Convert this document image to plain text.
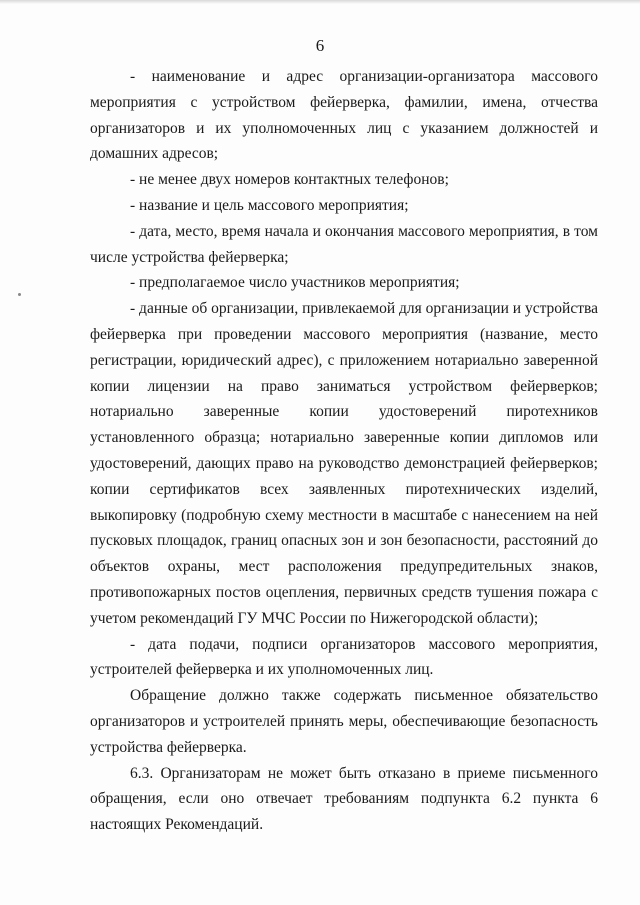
6

- наименование и адрес организации-организатора массового мероприятия с устройством фейерверка, фамилии, имена, отчества организаторов и их уполномоченных лиц с указанием должностей и домашних адресов;

- не менее двух номеров контактных телефонов;

- название и цель массового мероприятия;

- дата, место, время начала и окончания массового мероприятия, в том числе устройства фейерверка;

- предполагаемое число участников мероприятия;

- данные об организации, привлекаемой для организации и устройства фейерверка при проведении массового мероприятия (название, место регистрации, юридический адрес), с приложением нотариально заверенной копии лицензии на право заниматься устройством фейерверков; нотариально заверенные копии удостоверений пиротехников установленного образца; нотариально заверенные копии дипломов или удостоверений, дающих право на руководство демонстрацией фейерверков; копии сертификатов всех заявленных пиротехнических изделий, выкопировку (подробную схему местности в масштабе с нанесением на ней пусковых площадок, границ опасных зон и зон безопасности, расстояний до объектов охраны, мест расположения предупредительных знаков, противопожарных постов оцепления, первичных средств тушения пожара с учетом рекомендаций ГУ МЧС России по Нижегородской области);

- дата подачи, подписи организаторов массового мероприятия, устроителей фейерверка и их уполномоченных лиц.

Обращение должно также содержать письменное обязательство организаторов и устроителей принять меры, обеспечивающие безопасность устройства фейерверка.

6.3. Организаторам не может быть отказано в приеме письменного обращения, если оно отвечает требованиям подпункта 6.2 пункта 6 настоящих Рекомендаций.
